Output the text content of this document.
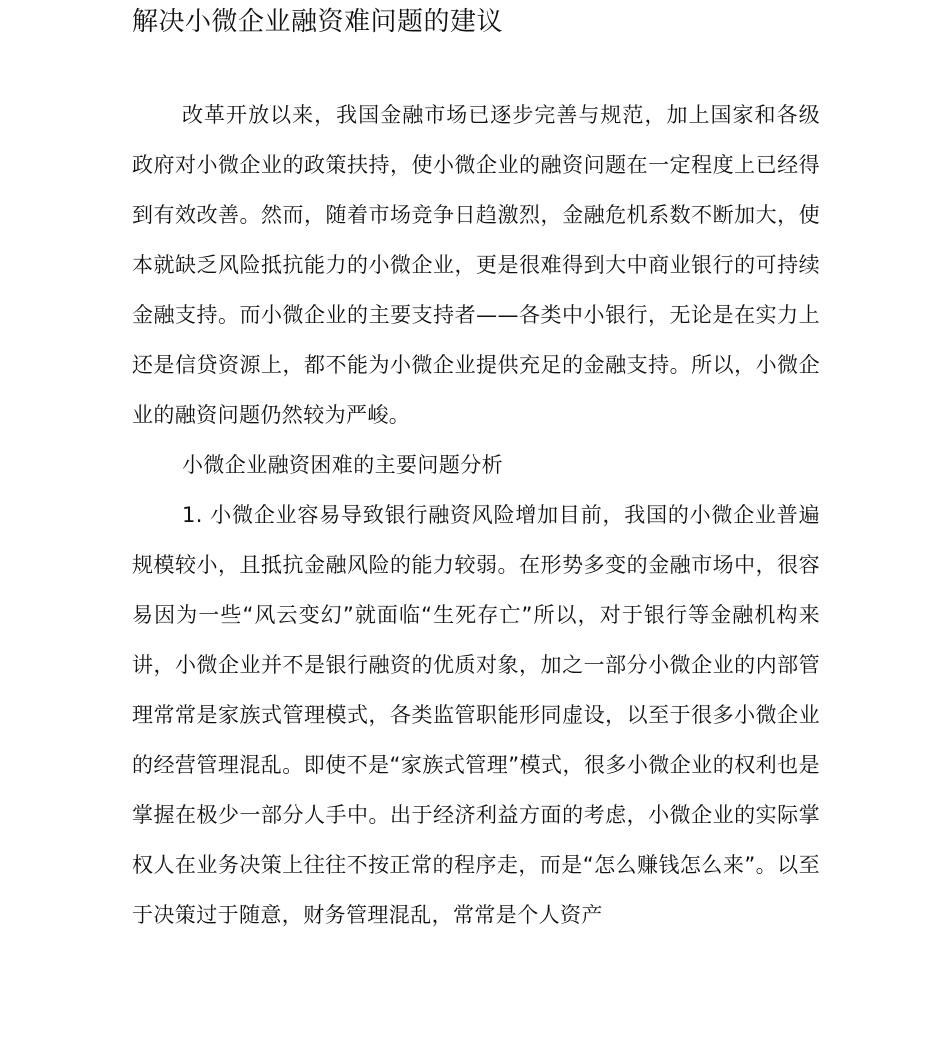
解决小微企业融资难问题的建议

改革开放以来，我国金融市场已逐步完善与规范，加上国家和各级政府对小微企业的政策扶持，使小微企业的融资问题在一定程度上已经得到有效改善。然而，随着市场竞争日趋激烈，金融危机系数不断加大，使本就缺乏风险抵抗能力的小微企业，更是很难得到大中商业银行的可持续金融支持。而小微企业的主要支持者——各类中小银行，无论是在实力上还是信贷资源上，都不能为小微企业提供充足的金融支持。所以，小微企业的融资问题仍然较为严峻。

小微企业融资困难的主要问题分析

1. 小微企业容易导致银行融资风险增加目前，我国的小微企业普遍规模较小，且抵抗金融风险的能力较弱。在形势多变的金融市场中，很容易因为一些“风云变幻”就面临“生死存亡”所以，对于银行等金融机构来讲，小微企业并不是银行融资的优质对象，加之一部分小微企业的内部管理常常是家族式管理模式，各类监管职能形同虚设，以至于很多小微企业的经营管理混乱。即使不是“家族式管理”模式，很多小微企业的权利也是掌握在极少一部分人手中。出于经济利益方面的考虑，小微企业的实际掌权人在业务决策上往往不按正常的程序走，而是“怎么赚钱怎么来”。以至于决策过于随意，财务管理混乱，常常是个人资产
